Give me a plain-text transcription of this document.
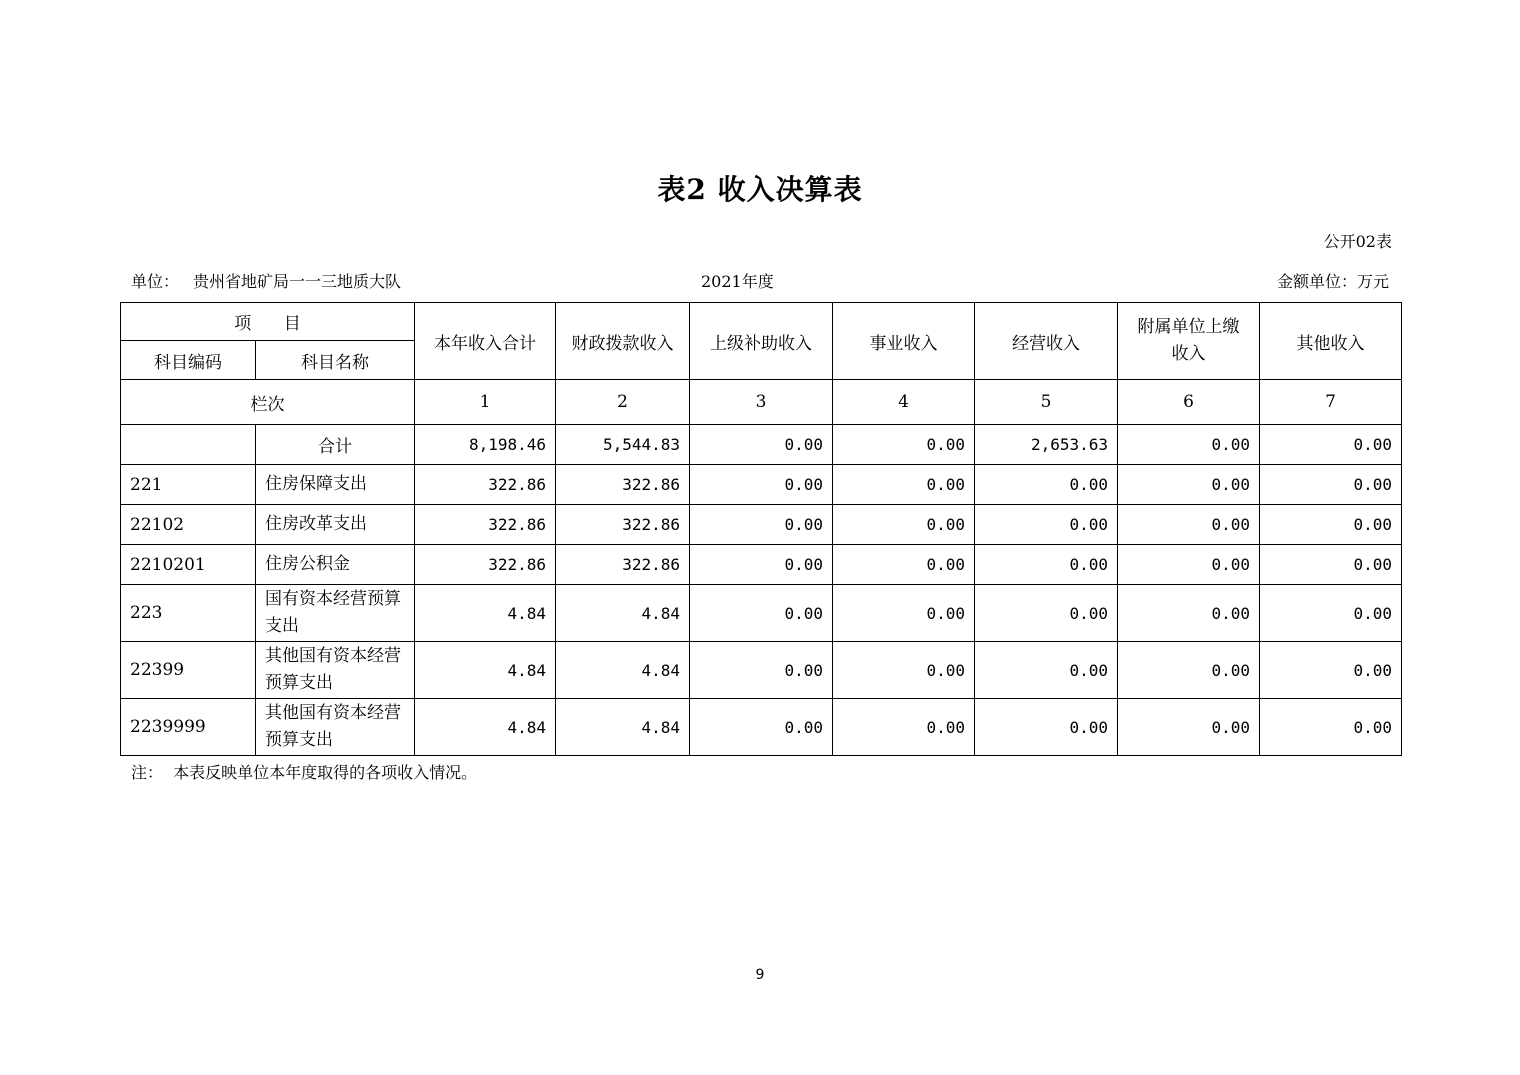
表2 收入决算表
公开02表
单位： 贵州省地矿局一一三地质大队	2021年度	金额单位：万元
项      目		本年收入合计	财政拨款收入	上级补助收入	事业收入	经营收入	附属单位上缴收入	其他收入
科目编码	科目名称							
栏次		1	2	3	4	5	6	7
	合计	8,198.46	5,544.83	0.00	0.00	2,653.63	0.00	0.00
221	住房保障支出	322.86	322.86	0.00	0.00	0.00	0.00	0.00
22102	住房改革支出	322.86	322.86	0.00	0.00	0.00	0.00	0.00
2210201	住房公积金	322.86	322.86	0.00	0.00	0.00	0.00	0.00
223	国有资本经营预算支出	4.84	4.84	0.00	0.00	0.00	0.00	0.00
22399	其他国有资本经营预算支出	4.84	4.84	0.00	0.00	0.00	0.00	0.00
2239999	其他国有资本经营预算支出	4.84	4.84	0.00	0.00	0.00	0.00	0.00
注：  本表反映单位本年度取得的各项收入情况。
9
